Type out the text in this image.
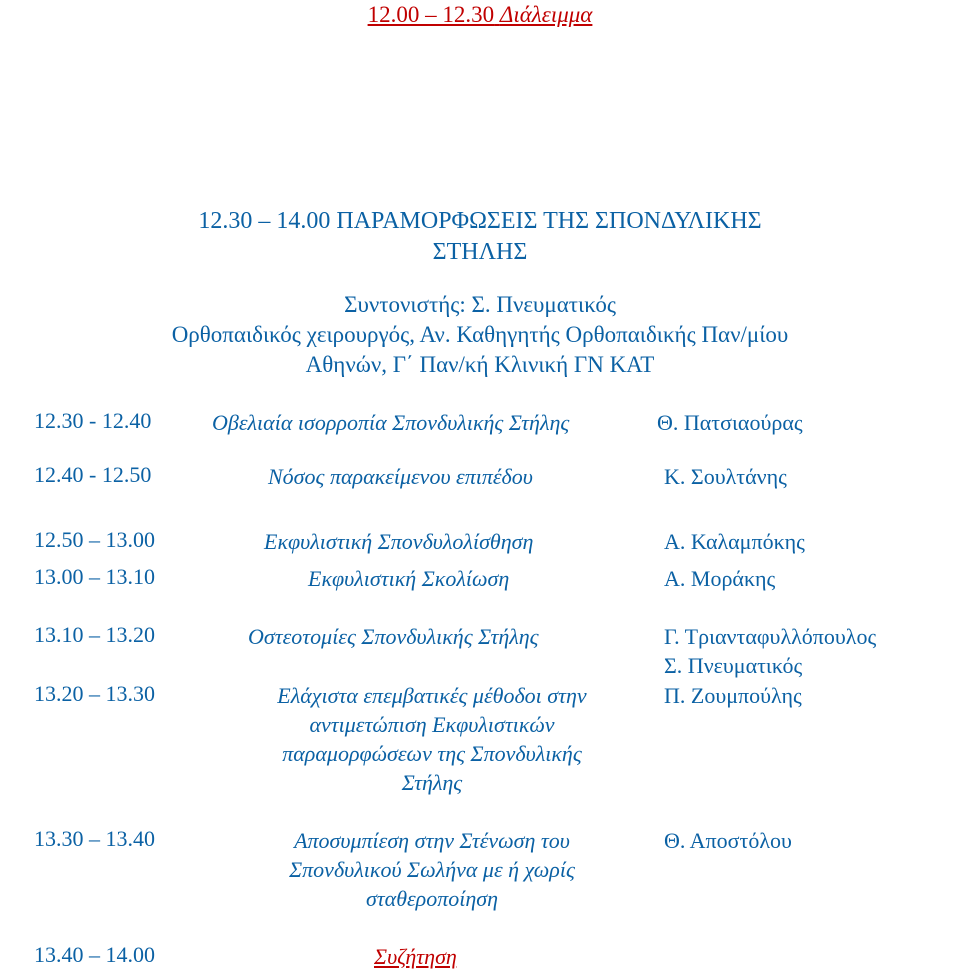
12.00 – 12.30 Διάλειμμα
12.30 – 14.00 ΠΑΡΑΜΟΡΦΩΣΕΙΣ ΤΗΣ ΣΠΟΝΔΥΛΙΚΗΣ
ΣΤΗΛΗΣ
Συντονιστής: Σ. Πνευματικός
Ορθοπαιδικός χειρουργός, Αν. Καθηγητής Ορθοπαιδικής Παν/μίου
Αθηνών, Γ΄ Παν/κή Κλινική ΓΝ ΚΑΤ
12.30 - 12.40	Οβελιαία ισορροπία Σπονδυλικής Στήλης	Θ. Πατσιαούρας
12.40 - 12.50	Νόσος παρακείμενου επιπέδου	Κ. Σουλτάνης
12.50 – 13.00	Εκφυλιστική Σπονδυλολίσθηση	Α. Καλαμπόκης
13.00 – 13.10	Εκφυλιστική Σκολίωση	Α. Μοράκης
13.10 – 13.20	Οστεοτομίες Σπονδυλικής Στήλης	Γ. Τριανταφυλλόπουλος
Σ. Πνευματικός
13.20 – 13.30	Ελάχιστα επεμβατικές μέθοδοι στην
αντιμετώπιση Εκφυλιστικών
παραμορφώσεων της Σπονδυλικής
Στήλης
Π. Ζουμπούλης
13.30 – 13.40	Αποσυμπίεση στην Στένωση του
Σπονδυλικού Σωλήνα με ή χωρίς
σταθεροποίηση
Θ. Αποστόλου
13.40 – 14.00	Συζήτηση
